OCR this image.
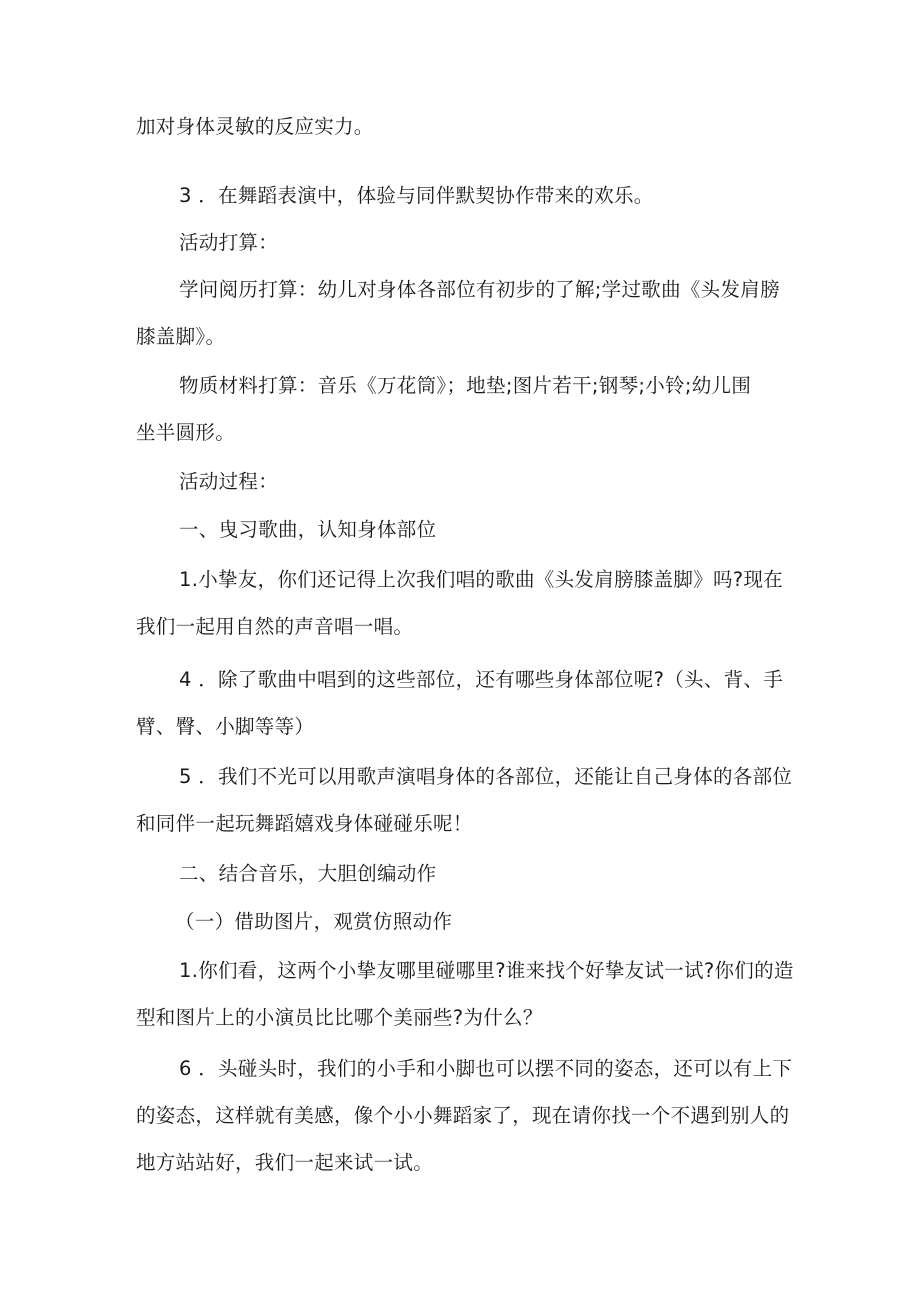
加对身体灵敏的反应实力。
3 ．在舞蹈表演中，体验与同伴默契协作带来的欢乐。
活动打算：
学问阅历打算：幼儿对身体各部位有初步的了解;学过歌曲《头发肩膀
膝盖脚》。
物质材料打算：音乐《万花筒》；地垫;图片若干;钢琴;小铃;幼儿围
坐半圆形。
活动过程：
一、曳习歌曲，认知身体部位
1.小挚友，你们还记得上次我们唱的歌曲《头发肩膀膝盖脚》吗?现在
我们一起用自然的声音唱一唱。
4 ．除了歌曲中唱到的这些部位，还有哪些身体部位呢?（头、背、手
臂、臀、小脚等等）
5 ．我们不光可以用歌声演唱身体的各部位，还能让自己身体的各部位
和同伴一起玩舞蹈嬉戏身体碰碰乐呢！
二、结合音乐，大胆创编动作
（一）借助图片，观赏仿照动作
1.你们看，这两个小挚友哪里碰哪里?谁来找个好挚友试一试?你们的造
型和图片上的小演员比比哪个美丽些?为什么？
6 ．头碰头时，我们的小手和小脚也可以摆不同的姿态，还可以有上下
的姿态，这样就有美感，像个小小舞蹈家了，现在请你找一个不遇到别人的
地方站站好，我们一起来试一试。
